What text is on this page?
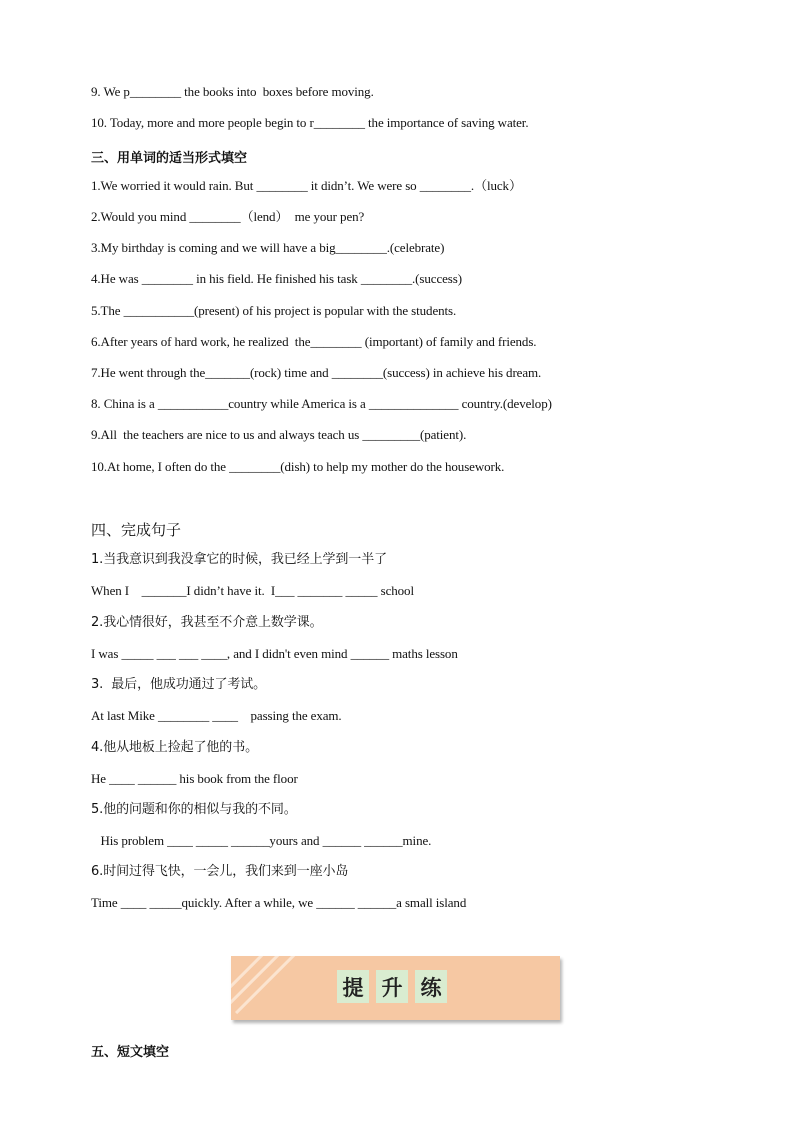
9. We p________ the books into  boxes before moving.
10. Today, more and more people begin to r________ the importance of saving water.
1.We worried it would rain. But ________ it didn’t. We were so ________.（luck）
2.Would you mind ________（lend）  me your pen?
3.My birthday is coming and we will have a big________.(celebrate)
4.He was ________ in his field. He finished his task ________.(success)
5.The ___________(present) of his project is popular with the students.
6.After years of hard work, he realized  the________ (important) of family and friends.
7.He went through the_______(rock) time and ________(success) in achieve his dream.
8. China is a ___________country while America is a ______________ country.(develop)
9.All  the teachers are nice to us and always teach us _________(patient).
10.At home, I often do the ________(dish) to help my mother do the housework.
1.当我意识到我没拿它的时候，我已经上学到一半了
When I    _______I didn’t have it.  I___ _______ _____ school
2.我心情很好，我甚至不介意上数学课。
I was _____ ___ ___ ____, and I didn't even mind ______ maths lesson
3.  最后，他成功通过了考试。
At last Mike ________ ____    passing the exam.
4.他从地板上捡起了他的书。
He ____ ______ his book from the floor
5.他的问题和你的相似与我的不同。
His problem ____ _____ ______yours and ______ ______mine.
6.时间过得飞快，一会儿，我们来到一座小岛
Time ____ _____quickly. After a while, we ______ ______a small island
三、用单词的适当形式填空
四、完成句子
五、短文填空
提 升 练
